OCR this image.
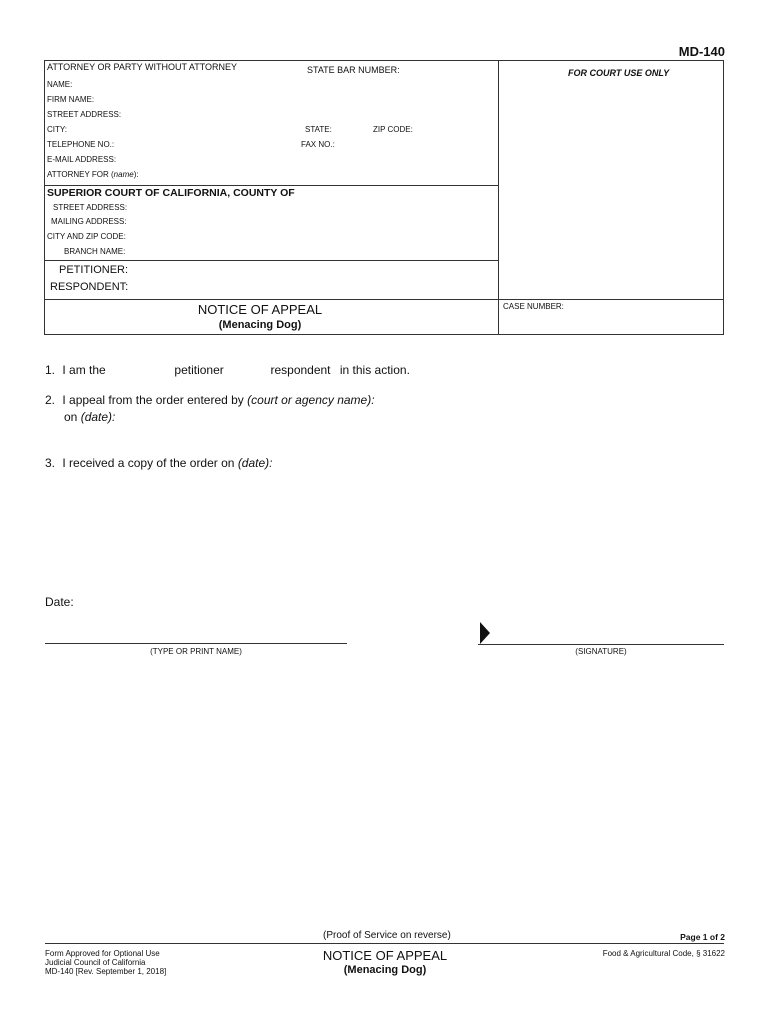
MD-140
ATTORNEY OR PARTY WITHOUT ATTORNEY	STATE BAR NUMBER:	FOR COURT USE ONLY
NAME:
FIRM NAME:
STREET ADDRESS:
CITY:	STATE:	ZIP CODE:
TELEPHONE NO.:	FAX NO.:
E-MAIL ADDRESS:
ATTORNEY FOR (name):
SUPERIOR COURT OF CALIFORNIA, COUNTY OF
STREET ADDRESS:
MAILING ADDRESS:
CITY AND ZIP CODE:
BRANCH NAME:
PETITIONER:
RESPONDENT:
NOTICE OF APPEAL
(Menacing Dog)
CASE NUMBER:
1. I am the	petitioner	respondent in this action.
2. I appeal from the order entered by (court or agency name):
on (date):
3. I received a copy of the order on (date):
Date:
(TYPE OR PRINT NAME)	(SIGNATURE)
(Proof of Service on reverse)	Page 1 of 2
Form Approved for Optional Use
Judicial Council of California
MD-140 [Rev. September 1, 2018]
NOTICE OF APPEAL
(Menacing Dog)
Food & Agricultural Code, § 31622
